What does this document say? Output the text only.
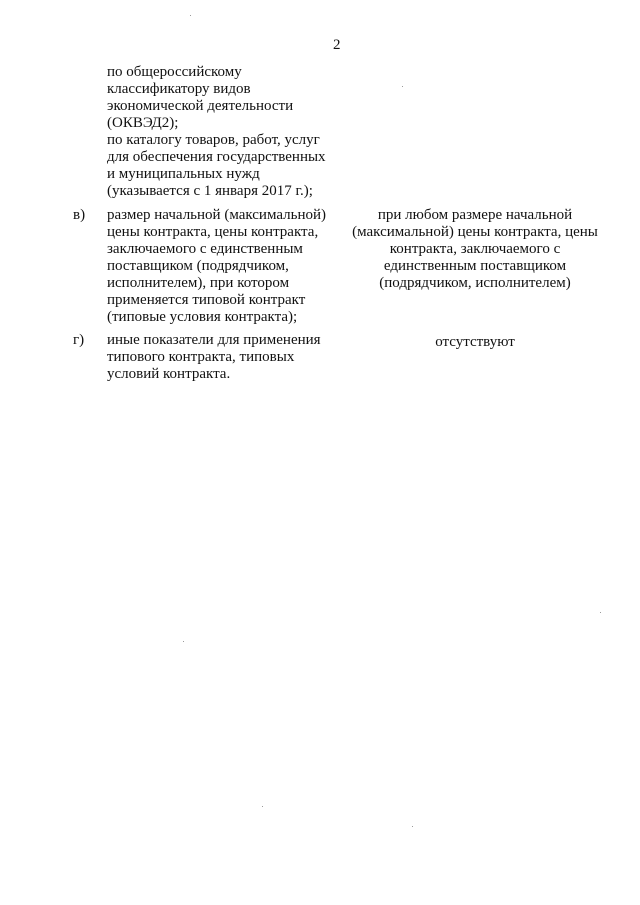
2
по общероссийскому
классификатору видов
экономической деятельности
(ОКВЭД2);
по каталогу товаров, работ, услуг
для обеспечения государственных
и муниципальных нужд
(указывается с 1 января 2017 г.);
в) размер начальной (максимальной)
цены контракта, цены контракта,
заключаемого с единственным
поставщиком (подрядчиком,
исполнителем), при котором
применяется типовой контракт
(типовые условия контракта);
при любом размере начальной
(максимальной) цены контракта, цены
контракта, заключаемого с
единственным поставщиком
(подрядчиком, исполнителем)
г) иные показатели для применения
типового контракта, типовых
условий контракта.
отсутствуют
